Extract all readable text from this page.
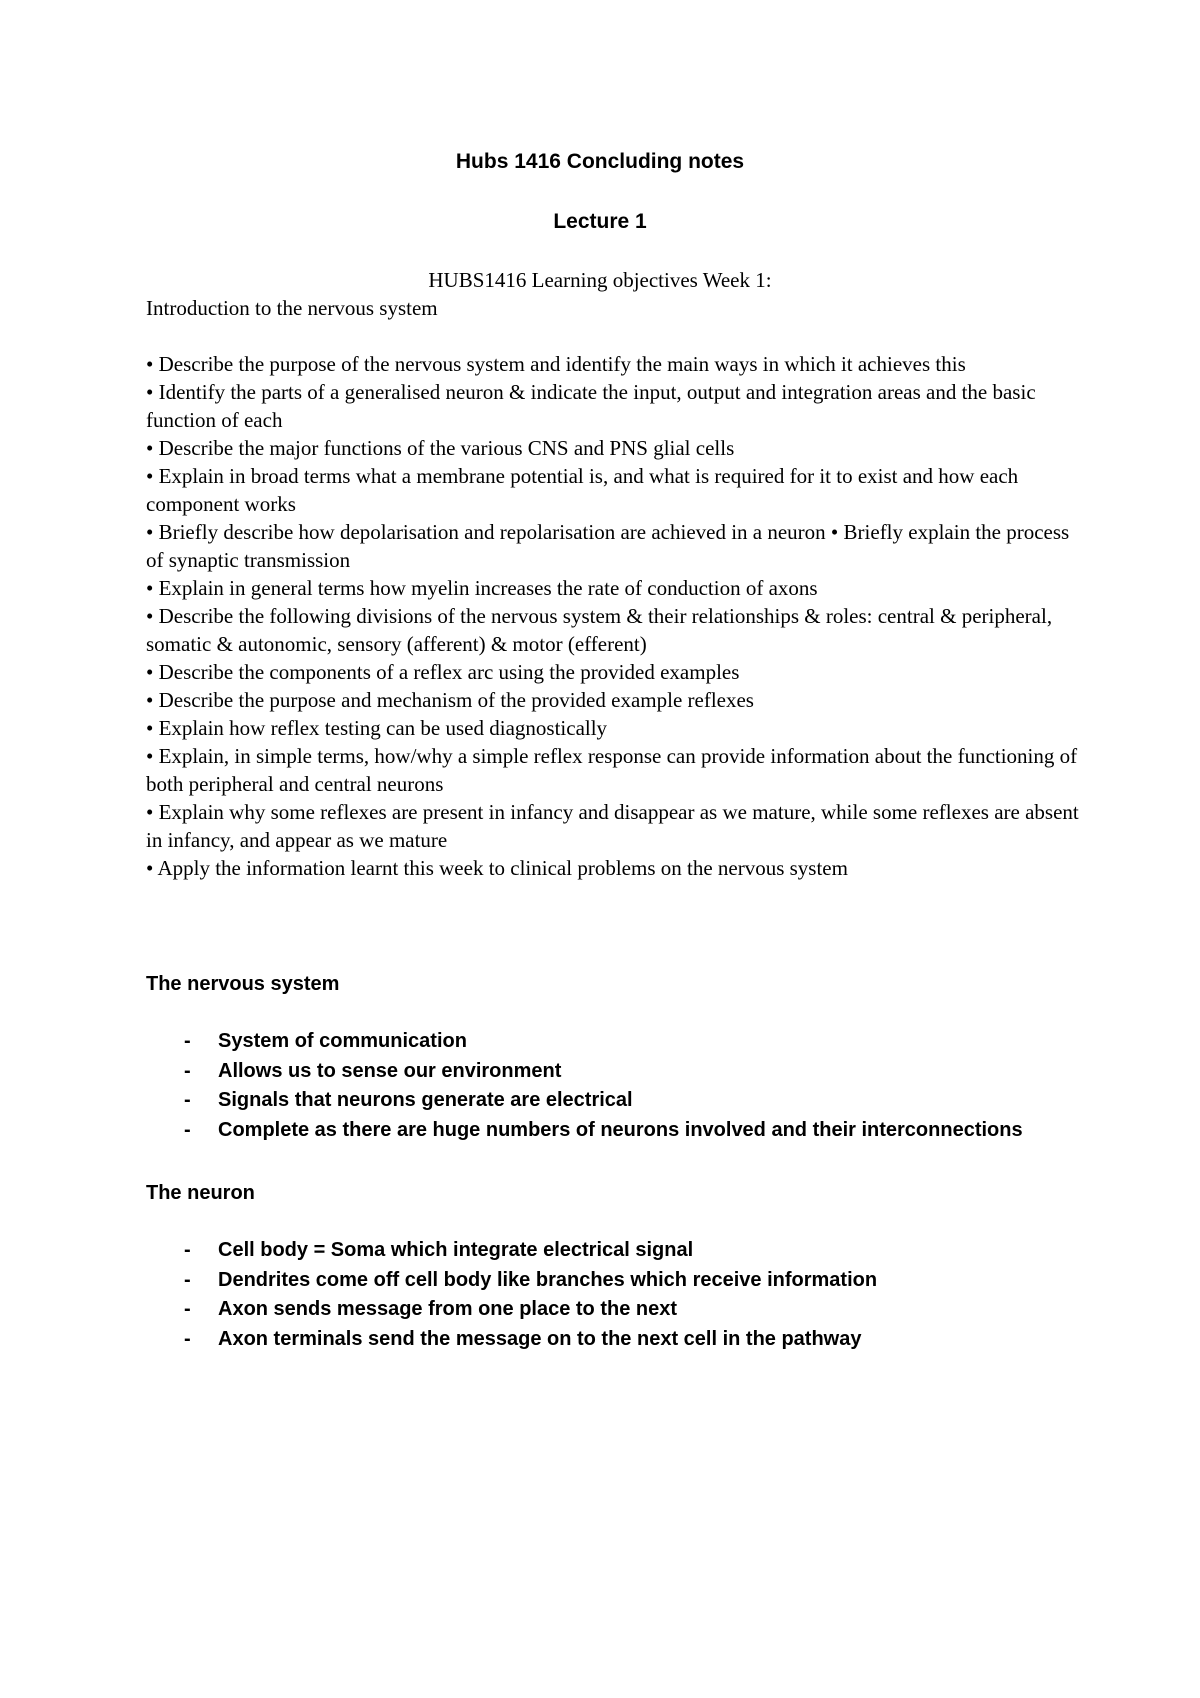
Hubs 1416 Concluding notes
Lecture 1
HUBS1416 Learning objectives Week 1:

Introduction to the nervous system

• Describe the purpose of the nervous system and identify the main ways in which it achieves this

• Identify the parts of a generalised neuron & indicate the input, output and integration areas and the basic function of each

• Describe the major functions of the various CNS and PNS glial cells

• Explain in broad terms what a membrane potential is, and what is required for it to exist and how each component works

• Briefly describe how depolarisation and repolarisation are achieved in a neuron • Briefly explain the process of synaptic transmission

• Explain in general terms how myelin increases the rate of conduction of axons

• Describe the following divisions of the nervous system & their relationships & roles: central & peripheral, somatic & autonomic, sensory (afferent) & motor (efferent)

• Describe the components of a reflex arc using the provided examples

• Describe the purpose and mechanism of the provided example reflexes

• Explain how reflex testing can be used diagnostically

• Explain, in simple terms, how/why a simple reflex response can provide information about the functioning of both peripheral and central neurons

• Explain why some reflexes are present in infancy and disappear as we mature, while some reflexes are absent in infancy, and appear as we mature

• Apply the information learnt this week to clinical problems on the nervous system

The nervous system
- System of communication
- Allows us to sense our environment
- Signals that neurons generate are electrical
- Complete as there are huge numbers of neurons involved and their interconnections
The neuron
- Cell body = Soma which integrate electrical signal
- Dendrites come off cell body like branches which receive information
- Axon sends message from one place to the next
- Axon terminals send the message on to the next cell in the pathway
